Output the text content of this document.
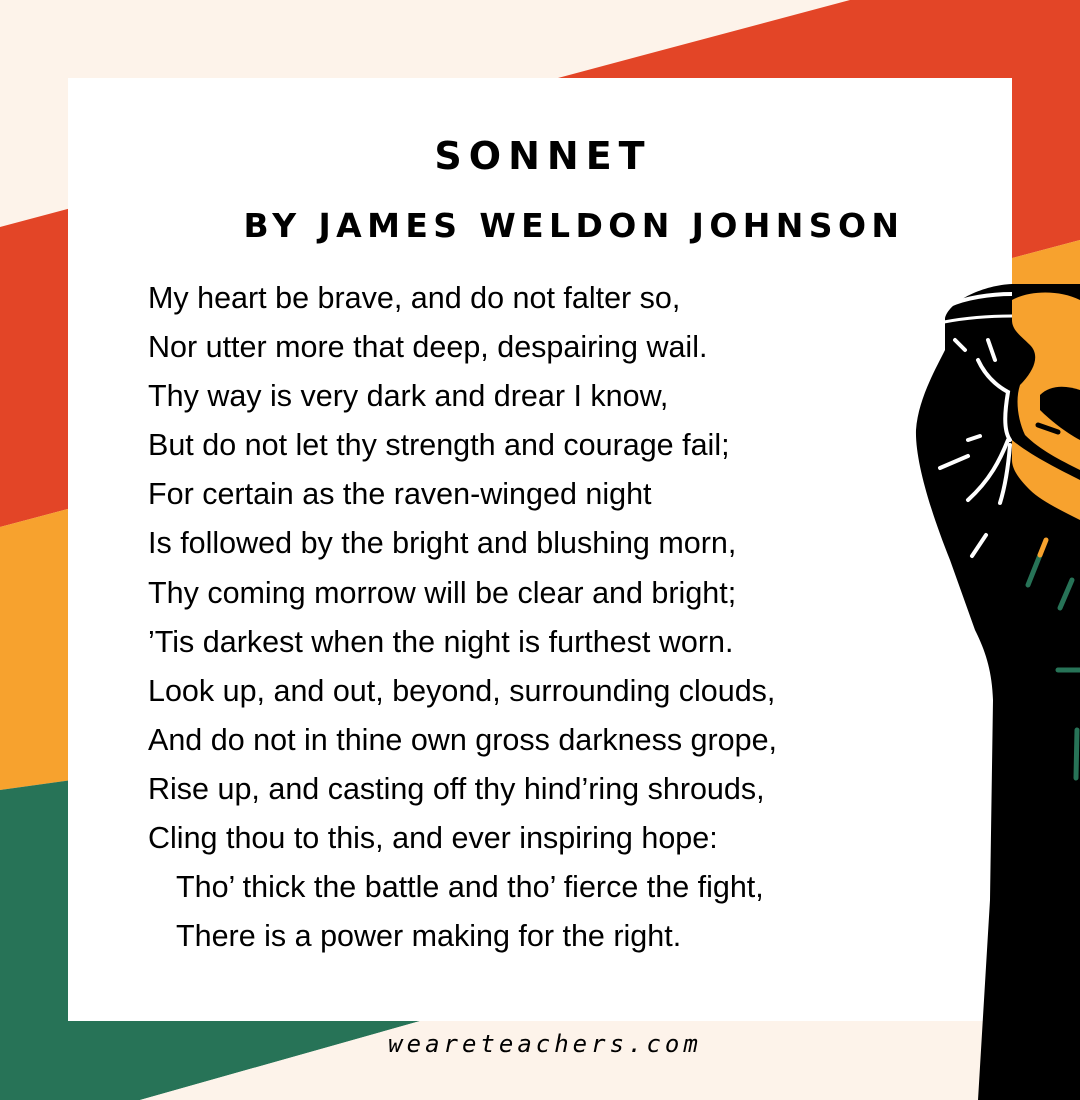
SONNET
BY JAMES WELDON JOHNSON
My heart be brave, and do not falter so,
Nor utter more that deep, despairing wail.
Thy way is very dark and drear I know,
But do not let thy strength and courage fail;
For certain as the raven-winged night
Is followed by the bright and blushing morn,
Thy coming morrow will be clear and bright;
’Tis darkest when the night is furthest worn.
Look up, and out, beyond, surrounding clouds,
And do not in thine own gross darkness grope,
Rise up, and casting off thy hind’ring shrouds,
Cling thou to this, and ever inspiring hope:
Tho’ thick the battle and tho’ fierce the fight,
There is a power making for the right.
weareteachers.com
